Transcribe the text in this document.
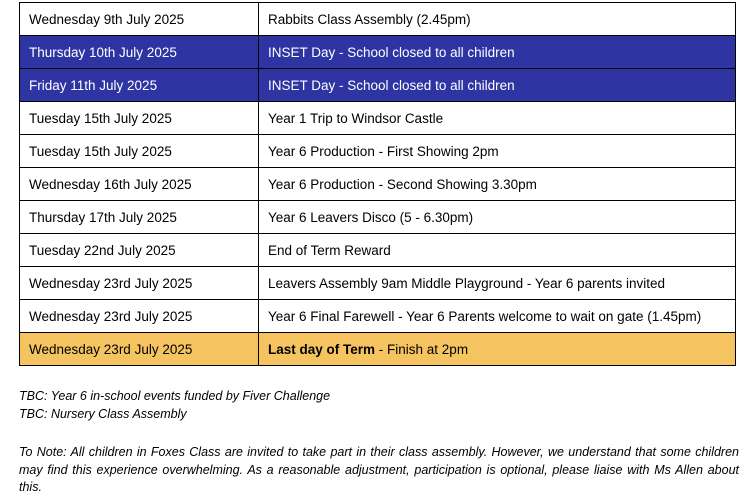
Wednesday 9th July 2025	Rabbits Class Assembly (2.45pm)
Thursday 10th July 2025	INSET Day - School closed to all children
Friday 11th July 2025	INSET Day - School closed to all children
Tuesday 15th July 2025	Year 1 Trip to Windsor Castle
Tuesday 15th July 2025	Year 6 Production - First Showing 2pm
Wednesday 16th July 2025	Year 6 Production - Second Showing 3.30pm
Thursday 17th July 2025	Year 6 Leavers Disco (5 - 6.30pm)
Tuesday 22nd July 2025	End of Term Reward
Wednesday 23rd July 2025	Leavers Assembly 9am Middle Playground - Year 6 parents invited
Wednesday 23rd July 2025	Year 6 Final Farewell - Year 6 Parents welcome to wait on gate (1.45pm)
Wednesday 23rd July 2025	Last day of Term - Finish at 2pm

TBC: Year 6 in-school events funded by Fiver Challenge

TBC: Nursery Class Assembly

To Note: All children in Foxes Class are invited to take part in their class assembly. However, we understand that some children may find this experience overwhelming. As a reasonable adjustment, participation is optional, please liaise with Ms Allen about this.
